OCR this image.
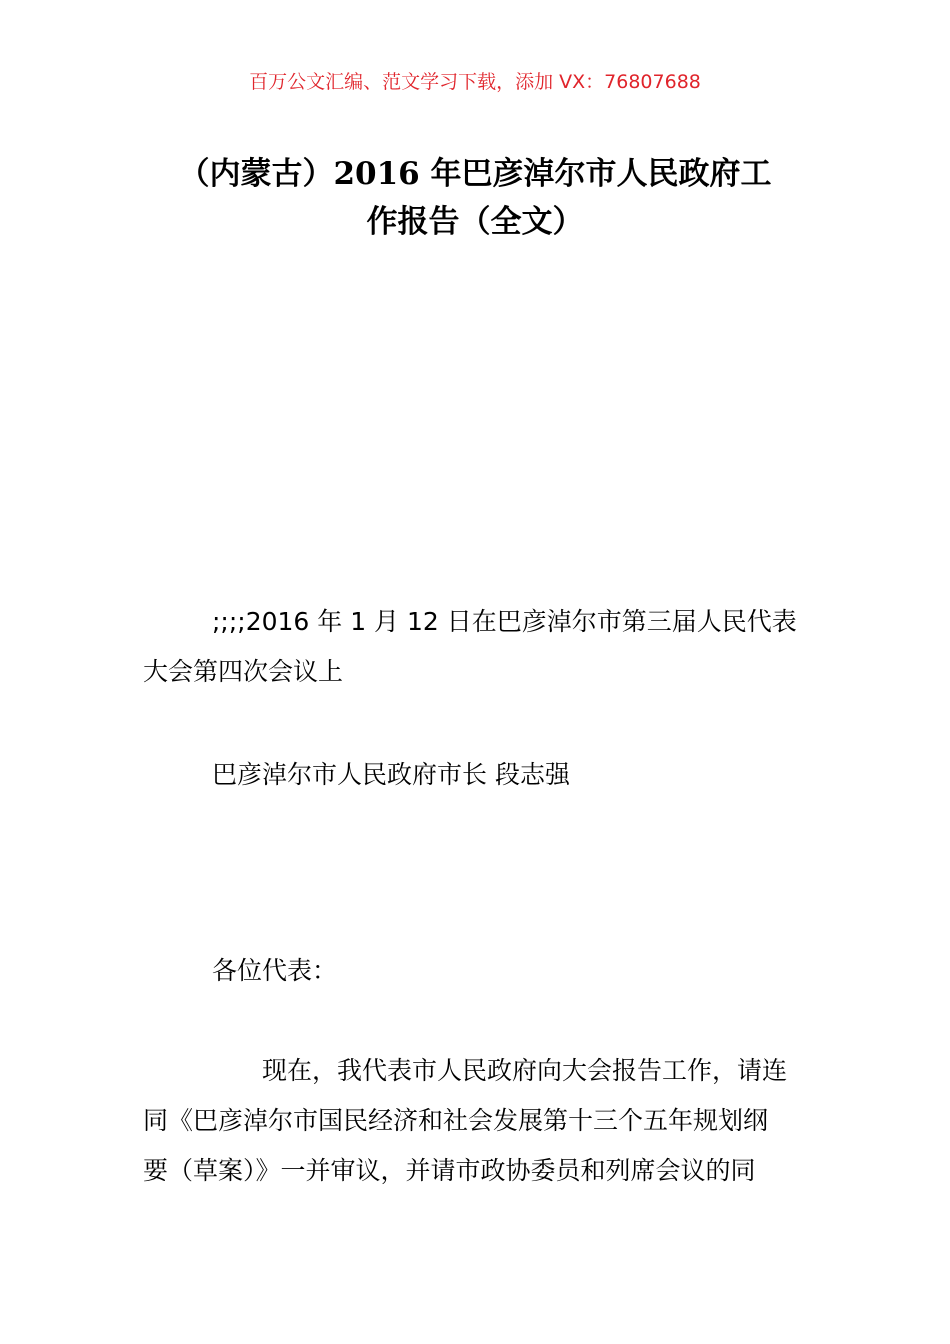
百万公文汇编、范文学习下载，添加 VX：76807688
（内蒙古）2016 年巴彦淖尔市人民政府工
作报告（全文）
;;;;2016 年 1 月 12 日在巴彦淖尔市第三届人民代表
大会第四次会议上
巴彦淖尔市人民政府市长 段志强
各位代表：
现在，我代表市人民政府向大会报告工作，请连
同《巴彦淖尔市国民经济和社会发展第十三个五年规划纲
要（草案）》一并审议，并请市政协委员和列席会议的同
